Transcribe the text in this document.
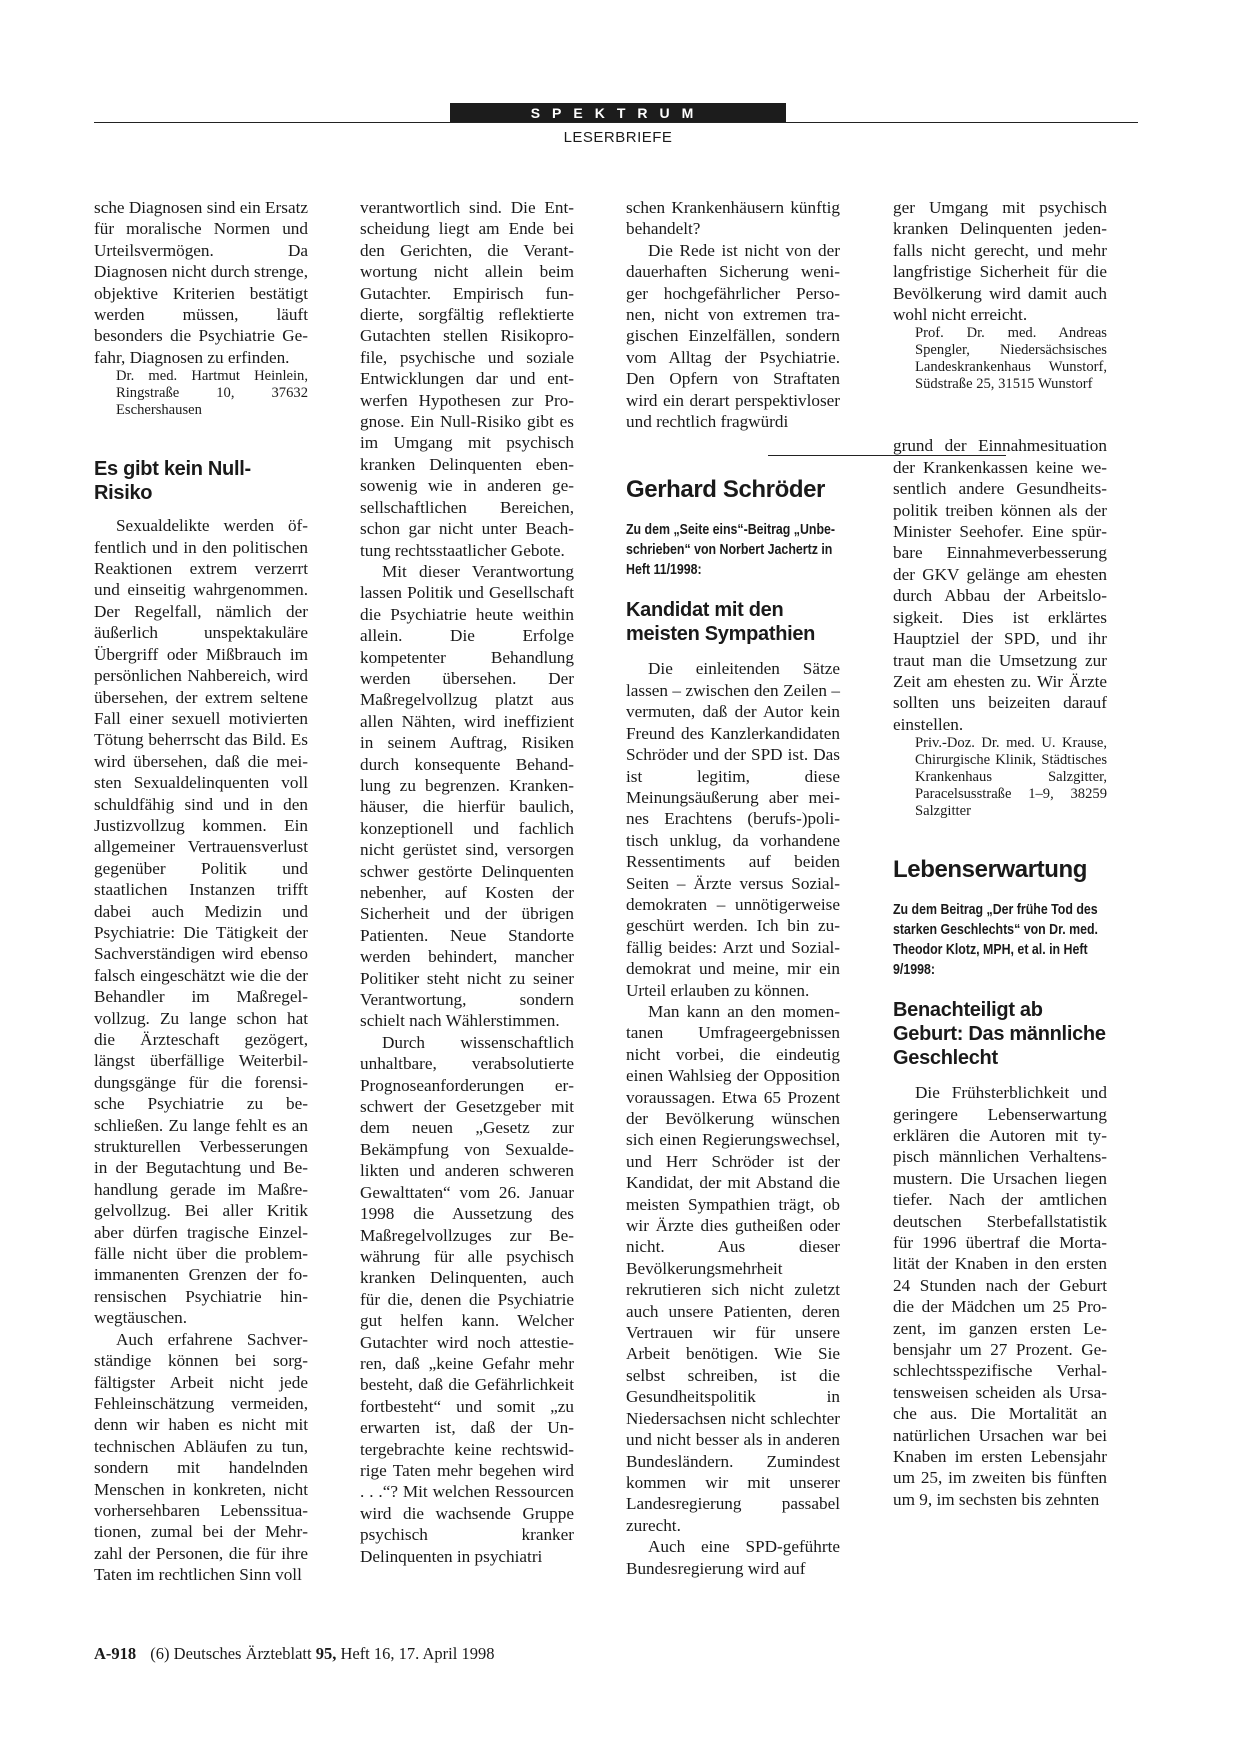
SPEKTRUM
LESERBRIEFE

sche Diagnosen sind ein Ersatz für moralische Normen und Urteilsvermögen. Da Diagnosen nicht durch strenge, objektive Kriterien bestätigt werden müssen, läuft besonders die Psychiatrie Gefahr, Diagnosen zu erfinden.

Dr. med. Hartmut Heinlein, Ringstraße 10, 37632 Eschershausen

Es gibt kein Null-Risiko

Sexualdelikte werden öffentlich und in den politischen Reaktionen extrem verzerrt und einseitig wahrgenommen. Der Regelfall, nämlich der äußerlich unspektakuläre Übergriff oder Mißbrauch im persönlichen Nahbereich, wird übersehen, der extrem seltene Fall einer sexuell motivierten Tötung beherrscht das Bild. Es wird übersehen, daß die meisten Sexualdelinquenten voll schuldfähig sind und in den Justizvollzug kommen. Ein allgemeiner Vertrauensverlust gegenüber Politik und staatlichen Instanzen trifft dabei auch Medizin und Psychiatrie: Die Tätigkeit der Sachverständigen wird ebenso falsch eingeschätzt wie die der Behandler im Maßregelvollzug. Zu lange schon hat die Ärzteschaft gezögert, längst überfällige Weiterbildungsgänge für die forensische Psychiatrie zu beschließen. Zu lange fehlt es an strukturellen Verbesserungen in der Begutachtung und Behandlung gerade im Maßregelvollzug. Bei aller Kritik aber dürfen tragische Einzelfälle nicht über die problemimmanenten Grenzen der forensischen Psychiatrie hinwegtäuschen.

Auch erfahrene Sachverständige können bei sorgfältigster Arbeit nicht jede Fehleinschätzung vermeiden, denn wir haben es nicht mit technischen Abläufen zu tun, sondern mit handelnden Menschen in konkreten, nicht vorhersehbaren Lebenssituationen, zumal bei der Mehrzahl der Personen, die für ihre Taten im rechtlichen Sinn voll

verantwortlich sind. Die Entscheidung liegt am Ende bei den Gerichten, die Verantwortung nicht allein beim Gutachter. Empirisch fundierte, sorgfältig reflektierte Gutachten stellen Risikoprofile, psychische und soziale Entwicklungen dar und entwerfen Hypothesen zur Prognose. Ein Null-Risiko gibt es im Umgang mit psychisch kranken Delinquenten ebensowenig wie in anderen gesellschaftlichen Bereichen, schon gar nicht unter Beachtung rechtsstaatlicher Gebote.

Mit dieser Verantwortung lassen Politik und Gesellschaft die Psychiatrie heute weithin allein. Die Erfolge kompetenter Behandlung werden übersehen. Der Maßregelvollzug platzt aus allen Nähten, wird ineffizient in seinem Auftrag, Risiken durch konsequente Behandlung zu begrenzen. Krankenhäuser, die hierfür baulich, konzeptionell und fachlich nicht gerüstet sind, versorgen schwer gestörte Delinquenten nebenher, auf Kosten der Sicherheit und der übrigen Patienten. Neue Standorte werden behindert, mancher Politiker steht nicht zu seiner Verantwortung, sondern schielt nach Wählerstimmen.

Durch wissenschaftlich unhaltbare, verabsolutierte Prognoseanforderungen erschwert der Gesetzgeber mit dem neuen „Gesetz zur Bekämpfung von Sexualdelikten und anderen schweren Gewalttaten“ vom 26. Januar 1998 die Aussetzung des Maßregelvollzuges zur Bewährung für alle psychisch kranken Delinquenten, auch für die, denen die Psychiatrie gut helfen kann. Welcher Gutachter wird noch attestieren, daß „keine Gefahr mehr besteht, daß die Gefährlichkeit fortbesteht“ und somit „zu erwarten ist, daß der Untergebrachte keine rechtswidrige Taten mehr begehen wird . . .“? Mit welchen Ressourcen wird die wachsende Gruppe psychisch kranker Delinquenten in psychiatri

schen Krankenhäusern künftig behandelt?

Die Rede ist nicht von der dauerhaften Sicherung weniger hochgefährlicher Personen, nicht von extremen tragischen Einzelfällen, sondern vom Alltag der Psychiatrie. Den Opfern von Straftaten wird ein derart perspektivloser und rechtlich fragwürdi

Gerhard Schröder
Zu dem „Seite eins“-Beitrag „Unbeschrieben“ von Norbert Jachertz in Heft 11/1998:
Kandidat mit den meisten Sympathien

Die einleitenden Sätze lassen – zwischen den Zeilen – vermuten, daß der Autor kein Freund des Kanzlerkandidaten Schröder und der SPD ist. Das ist legitim, diese Meinungsäußerung aber meines Erachtens (berufs-)politisch unklug, da vorhandene Ressentiments auf beiden Seiten – Ärzte versus Sozialdemokraten – unnötigerweise geschürt werden. Ich bin zufällig beides: Arzt und Sozialdemokrat und meine, mir ein Urteil erlauben zu können.

Man kann an den momentanen Umfrageergebnissen nicht vorbei, die eindeutig einen Wahlsieg der Opposition voraussagen. Etwa 65 Prozent der Bevölkerung wünschen sich einen Regierungswechsel, und Herr Schröder ist der Kandidat, der mit Abstand die meisten Sympathien trägt, ob wir Ärzte dies gutheißen oder nicht. Aus dieser Bevölkerungsmehrheit rekrutieren sich nicht zuletzt auch unsere Patienten, deren Vertrauen wir für unsere Arbeit benötigen. Wie Sie selbst schreiben, ist die Gesundheitspolitik in Niedersachsen nicht schlechter und nicht besser als in anderen Bundesländern. Zumindest kommen wir mit unserer Landesregierung passabel zurecht.

Auch eine SPD-geführte Bundesregierung wird auf

ger Umgang mit psychisch kranken Delinquenten jedenfalls nicht gerecht, und mehr langfristige Sicherheit für die Bevölkerung wird damit auch wohl nicht erreicht.

Prof. Dr. med. Andreas Spengler, Niedersächsisches Landeskrankenhaus Wunstorf, Südstraße 25, 31515 Wunstorf

grund der Einnahmesituation der Krankenkassen keine wesentlich andere Gesundheitspolitik treiben können als der Minister Seehofer. Eine spürbare Einnahmeverbesserung der GKV gelänge am ehesten durch Abbau der Arbeitslosigkeit. Dies ist erklärtes Hauptziel der SPD, und ihr traut man die Umsetzung zur Zeit am ehesten zu. Wir Ärzte sollten uns beizeiten darauf einstellen.

Priv.-Doz. Dr. med. U. Krause, Chirurgische Klinik, Städtisches Krankenhaus Salzgitter, Paracelsusstraße 1–9, 38259 Salzgitter

Lebenserwartung
Zu dem Beitrag „Der frühe Tod des starken Geschlechts“ von Dr. med. Theodor Klotz, MPH, et al. in Heft 9/1998:
Benachteiligt ab Geburt: Das männliche Geschlecht

Die Frühsterblichkeit und geringere Lebenserwartung erklären die Autoren mit typisch männlichen Verhaltensmustern. Die Ursachen liegen tiefer. Nach der amtlichen deutschen Sterbefallstatistik für 1996 übertraf die Mortalität der Knaben in den ersten 24 Stunden nach der Geburt die der Mädchen um 25 Prozent, im ganzen ersten Lebensjahr um 27 Prozent. Geschlechtsspezifische Verhaltensweisen scheiden als Ursache aus. Die Mortalität an natürlichen Ursachen war bei Knaben im ersten Lebensjahr um 25, im zweiten bis fünften um 9, im sechsten bis zehnten

A-918 (6) Deutsches Ärzteblatt 95, Heft 16, 17. April 1998
